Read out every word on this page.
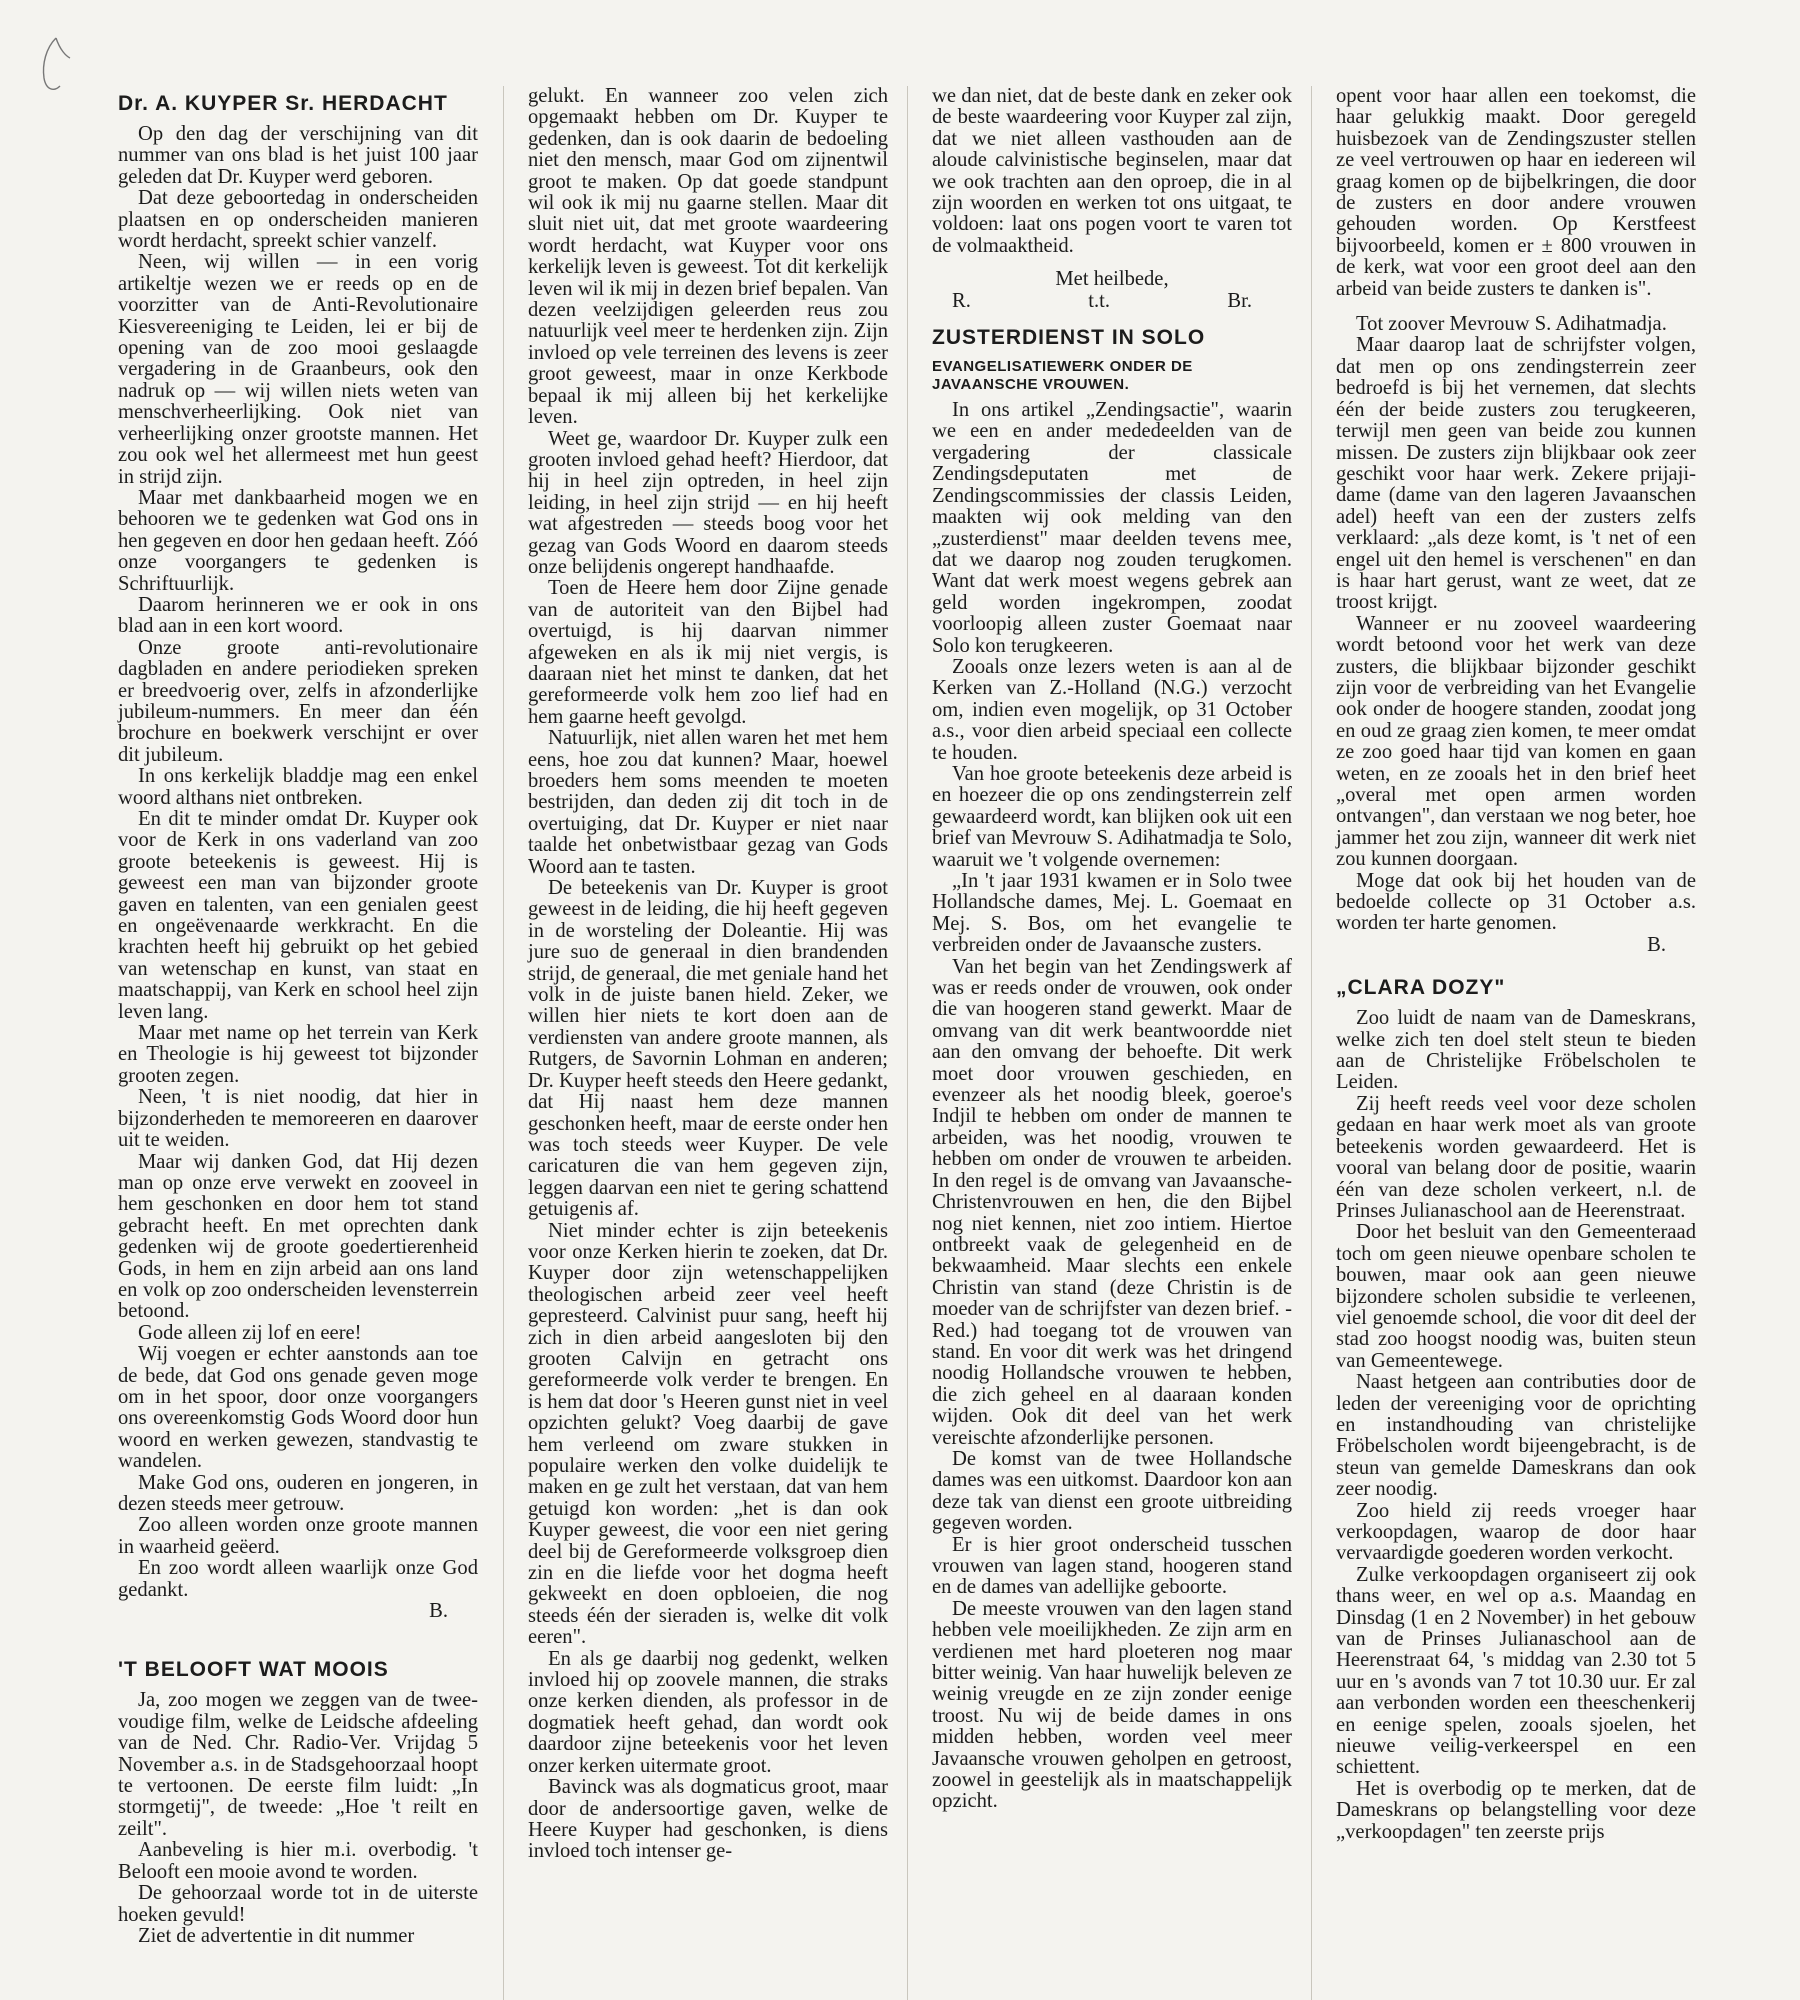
Dr. A. KUYPER Sr. HERDACHT

Op den dag der verschijning van dit nummer van ons blad is het juist 100 jaar geleden dat Dr. Kuyper werd geboren.

Dat deze geboortedag in onderscheiden plaatsen en op onderscheiden manieren wordt herdacht, spreekt schier vanzelf.

Neen, wij willen — in een vorig artikeltje wezen we er reeds op en de voorzitter van de Anti-Revolutionaire Kiesvereeniging te Leiden, lei er bij de opening van de zoo mooi geslaagde vergadering in de Graanbeurs, ook den nadruk op — wij willen niets weten van menschverheerlijking. Ook niet van verheerlijking onzer grootste mannen. Het zou ook wel het allermeest met hun geest in strijd zijn.

Maar met dankbaarheid mogen we en behooren we te gedenken wat God ons in hen gegeven en door hen gedaan heeft. Zóó onze voorgangers te gedenken is Schriftuurlijk.

Daarom herinneren we er ook in ons blad aan in een kort woord.

Onze groote anti-revolutionaire dagbladen en andere periodieken spreken er breedvoerig over, zelfs in afzonderlijke jubileum-nummers. En meer dan één brochure en boekwerk verschijnt er over dit jubileum.

In ons kerkelijk bladdje mag een enkel woord althans niet ontbreken.

En dit te minder omdat Dr. Kuyper ook voor de Kerk in ons vaderland van zoo groote beteekenis is geweest. Hij is geweest een man van bijzonder groote gaven en talenten, van een genialen geest en ongeëvenaarde werkkracht. En die krachten heeft hij gebruikt op het gebied van wetenschap en kunst, van staat en maatschappij, van Kerk en school heel zijn leven lang.

Maar met name op het terrein van Kerk en Theologie is hij geweest tot bijzonder grooten zegen.

Neen, 't is niet noodig, dat hier in bijzonderheden te memoreeren en daarover uit te weiden.

Maar wij danken God, dat Hij dezen man op onze erve verwekt en zooveel in hem geschonken en door hem tot stand gebracht heeft. En met oprechten dank gedenken wij de groote goedertierenheid Gods, in hem en zijn arbeid aan ons land en volk op zoo onderscheiden levensterrein betoond.

Gode alleen zij lof en eere!

Wij voegen er echter aanstonds aan toe de bede, dat God ons genade geven moge om in het spoor, door onze voorgangers ons overeenkomstig Gods Woord door hun woord en werken gewezen, standvastig te wandelen.

Make God ons, ouderen en jongeren, in dezen steeds meer getrouw.

Zoo alleen worden onze groote mannen in waarheid geëerd.

En zoo wordt alleen waarlijk onze God gedankt.

B.

'T BELOOFT WAT MOOIS

Ja, zoo mogen we zeggen van de twee-voudige film, welke de Leidsche afdeeling van de Ned. Chr. Radio-Ver. Vrijdag 5 November a.s. in de Stadsgehoorzaal hoopt te vertoonen. De eerste film luidt: „In stormgetij", de tweede: „Hoe 't reilt en zeilt".

Aanbeveling is hier m.i. overbodig. 't Belooft een mooie avond te worden.

De gehoorzaal worde tot in de uiterste hoeken gevuld!

Ziet de advertentie in dit nummer

gelukt. En wanneer zoo velen zich opgemaakt hebben om Dr. Kuyper te gedenken, dan is ook daarin de bedoeling niet den mensch, maar God om zijnentwil groot te maken. Op dat goede standpunt wil ook ik mij nu gaarne stellen. Maar dit sluit niet uit, dat met groote waardeering wordt herdacht, wat Kuyper voor ons kerkelijk leven is geweest. Tot dit kerkelijk leven wil ik mij in dezen brief bepalen. Van dezen veelzijdigen geleerden reus zou natuurlijk veel meer te herdenken zijn. Zijn invloed op vele terreinen des levens is zeer groot geweest, maar in onze Kerkbode bepaal ik mij alleen bij het kerkelijke leven.

Weet ge, waardoor Dr. Kuyper zulk een grooten invloed gehad heeft? Hierdoor, dat hij in heel zijn optreden, in heel zijn leiding, in heel zijn strijd — en hij heeft wat afgestreden — steeds boog voor het gezag van Gods Woord en daarom steeds onze belijdenis ongerept handhaafde.

Toen de Heere hem door Zijne genade van de autoriteit van den Bijbel had overtuigd, is hij daarvan nimmer afgeweken en als ik mij niet vergis, is daaraan niet het minst te danken, dat het gereformeerde volk hem zoo lief had en hem gaarne heeft gevolgd.

Natuurlijk, niet allen waren het met hem eens, hoe zou dat kunnen? Maar, hoewel broeders hem soms meenden te moeten bestrijden, dan deden zij dit toch in de overtuiging, dat Dr. Kuyper er niet naar taalde het onbetwistbaar gezag van Gods Woord aan te tasten.

De beteekenis van Dr. Kuyper is groot geweest in de leiding, die hij heeft gegeven in de worsteling der Doleantie. Hij was jure suo de generaal in dien brandenden strijd, de generaal, die met geniale hand het volk in de juiste banen hield. Zeker, we willen hier niets te kort doen aan de verdiensten van andere groote mannen, als Rutgers, de Savornin Lohman en anderen; Dr. Kuyper heeft steeds den Heere gedankt, dat Hij naast hem deze mannen geschonken heeft, maar de eerste onder hen was toch steeds weer Kuyper. De vele caricaturen die van hem gegeven zijn, leggen daarvan een niet te gering schattend getuigenis af.

Niet minder echter is zijn beteekenis voor onze Kerken hierin te zoeken, dat Dr. Kuyper door zijn wetenschappelijken theologischen arbeid zeer veel heeft gepresteerd. Calvinist puur sang, heeft hij zich in dien arbeid aangesloten bij den grooten Calvijn en getracht ons gereformeerde volk verder te brengen. En is hem dat door 's Heeren gunst niet in veel opzichten gelukt? Voeg daarbij de gave hem verleend om zware stukken in populaire werken den volke duidelijk te maken en ge zult het verstaan, dat van hem getuigd kon worden: „het is dan ook Kuyper geweest, die voor een niet gering deel bij de Gereformeerde volksgroep dien zin en die liefde voor het dogma heeft gekweekt en doen opbloeien, die nog steeds één der sieraden is, welke dit volk eeren".

En als ge daarbij nog gedenkt, welken invloed hij op zoovele mannen, die straks onze kerken dienden, als professor in de dogmatiek heeft gehad, dan wordt ook daardoor zijne beteekenis voor het leven onzer kerken uitermate groot.

Bavinck was als dogmaticus groot, maar door de andersoortige gaven, welke de Heere Kuyper had geschonken, is diens invloed toch intenser ge-

we dan niet, dat de beste dank en zeker ook de beste waardeering voor Kuyper zal zijn, dat we niet alleen vasthouden aan de aloude calvinistische beginselen, maar dat we ook trachten aan den oproep, die in al zijn woorden en werken tot ons uitgaat, te voldoen: laat ons pogen voort te varen tot de volmaaktheid.

Met heilbede,

R.	t.t.	Br.
ZUSTERDIENST IN SOLO
EVANGELISATIEWERK ONDER DE JAVAANSCHE VROUWEN.

In ons artikel „Zendingsactie", waarin we een en ander mededeelden van de vergadering der classicale Zendingsdeputaten met de Zendingscommissies der classis Leiden, maakten wij ook melding van den „zusterdienst" maar deelden tevens mee, dat we daarop nog zouden terugkomen. Want dat werk moest wegens gebrek aan geld worden ingekrompen, zoodat voorloopig alleen zuster Goemaat naar Solo kon terugkeeren.

Zooals onze lezers weten is aan al de Kerken van Z.-Holland (N.G.) verzocht om, indien even mogelijk, op 31 October a.s., voor dien arbeid speciaal een collecte te houden.

Van hoe groote beteekenis deze arbeid is en hoezeer die op ons zendingsterrein zelf gewaardeerd wordt, kan blijken ook uit een brief van Mevrouw S. Adihatmadja te Solo, waaruit we 't volgende overnemen:

„In 't jaar 1931 kwamen er in Solo twee Hollandsche dames, Mej. L. Goemaat en Mej. S. Bos, om het evangelie te verbreiden onder de Javaansche zusters.

Van het begin van het Zendingswerk af was er reeds onder de vrouwen, ook onder die van hoogeren stand gewerkt. Maar de omvang van dit werk beantwoordde niet aan den omvang der behoefte. Dit werk moet door vrouwen geschieden, en evenzeer als het noodig bleek, goeroe's Indjil te hebben om onder de mannen te arbeiden, was het noodig, vrouwen te hebben om onder de vrouwen te arbeiden. In den regel is de omvang van Javaansche-Christenvrouwen en hen, die den Bijbel nog niet kennen, niet zoo intiem. Hiertoe ontbreekt vaak de gelegenheid en de bekwaamheid. Maar slechts een enkele Christin van stand (deze Christin is de moeder van de schrijfster van dezen brief. - Red.) had toegang tot de vrouwen van stand. En voor dit werk was het dringend noodig Hollandsche vrouwen te hebben, die zich geheel en al daaraan konden wijden. Ook dit deel van het werk vereischte afzonderlijke personen.

De komst van de twee Hollandsche dames was een uitkomst. Daardoor kon aan deze tak van dienst een groote uitbreiding gegeven worden.

Er is hier groot onderscheid tusschen vrouwen van lagen stand, hoogeren stand en de dames van adellijke geboorte.

De meeste vrouwen van den lagen stand hebben vele moeilijkheden. Ze zijn arm en verdienen met hard ploeteren nog maar bitter weinig. Van haar huwelijk beleven ze weinig vreugde en ze zijn zonder eenige troost. Nu wij de beide dames in ons midden hebben, worden veel meer Javaansche vrouwen geholpen en getroost, zoowel in geestelijk als in maatschappelijk opzicht.

opent voor haar allen een toekomst, die haar gelukkig maakt. Door geregeld huisbezoek van de Zendingszuster stellen ze veel vertrouwen op haar en iedereen wil graag komen op de bijbelkringen, die door de zusters en door andere vrouwen gehouden worden. Op Kerstfeest bijvoorbeeld, komen er ± 800 vrouwen in de kerk, wat voor een groot deel aan den arbeid van beide zusters te danken is".

Tot zoover Mevrouw S. Adihatmadja.

Maar daarop laat de schrijfster volgen, dat men op ons zendingsterrein zeer bedroefd is bij het vernemen, dat slechts één der beide zusters zou terugkeeren, terwijl men geen van beide zou kunnen missen. De zusters zijn blijkbaar ook zeer geschikt voor haar werk. Zekere prijaji-dame (dame van den lageren Javaanschen adel) heeft van een der zusters zelfs verklaard: „als deze komt, is 't net of een engel uit den hemel is verschenen" en dan is haar hart gerust, want ze weet, dat ze troost krijgt.

Wanneer er nu zooveel waardeering wordt betoond voor het werk van deze zusters, die blijkbaar bijzonder geschikt zijn voor de verbreiding van het Evangelie ook onder de hoogere standen, zoodat jong en oud ze graag zien komen, te meer omdat ze zoo goed haar tijd van komen en gaan weten, en ze zooals het in den brief heet „overal met open armen worden ontvangen", dan verstaan we nog beter, hoe jammer het zou zijn, wanneer dit werk niet zou kunnen doorgaan.

Moge dat ook bij het houden van de bedoelde collecte op 31 October a.s. worden ter harte genomen.

B.

„CLARA DOZY"

Zoo luidt de naam van de Dameskrans, welke zich ten doel stelt steun te bieden aan de Christelijke Fröbelscholen te Leiden.

Zij heeft reeds veel voor deze scholen gedaan en haar werk moet als van groote beteekenis worden gewaardeerd. Het is vooral van belang door de positie, waarin één van deze scholen verkeert, n.l. de Prinses Julianaschool aan de Heerenstraat.

Door het besluit van den Gemeenteraad toch om geen nieuwe openbare scholen te bouwen, maar ook aan geen nieuwe bijzondere scholen subsidie te verleenen, viel genoemde school, die voor dit deel der stad zoo hoogst noodig was, buiten steun van Gemeentewege.

Naast hetgeen aan contributies door de leden der vereeniging voor de oprichting en instandhouding van christelijke Fröbelscholen wordt bijeengebracht, is de steun van gemelde Dameskrans dan ook zeer noodig.

Zoo hield zij reeds vroeger haar verkoopdagen, waarop de door haar vervaardigde goederen worden verkocht.

Zulke verkoopdagen organiseert zij ook thans weer, en wel op a.s. Maandag en Dinsdag (1 en 2 November) in het gebouw van de Prinses Julianaschool aan de Heerenstraat 64, 's middag van 2.30 tot 5 uur en 's avonds van 7 tot 10.30 uur. Er zal aan verbonden worden een theeschenkerij en eenige spelen, zooals sjoelen, het nieuwe veilig-verkeerspel en een schiettent.

Het is overbodig op te merken, dat de Dameskrans op belangstelling voor deze „verkoopdagen" ten zeerste prijs
